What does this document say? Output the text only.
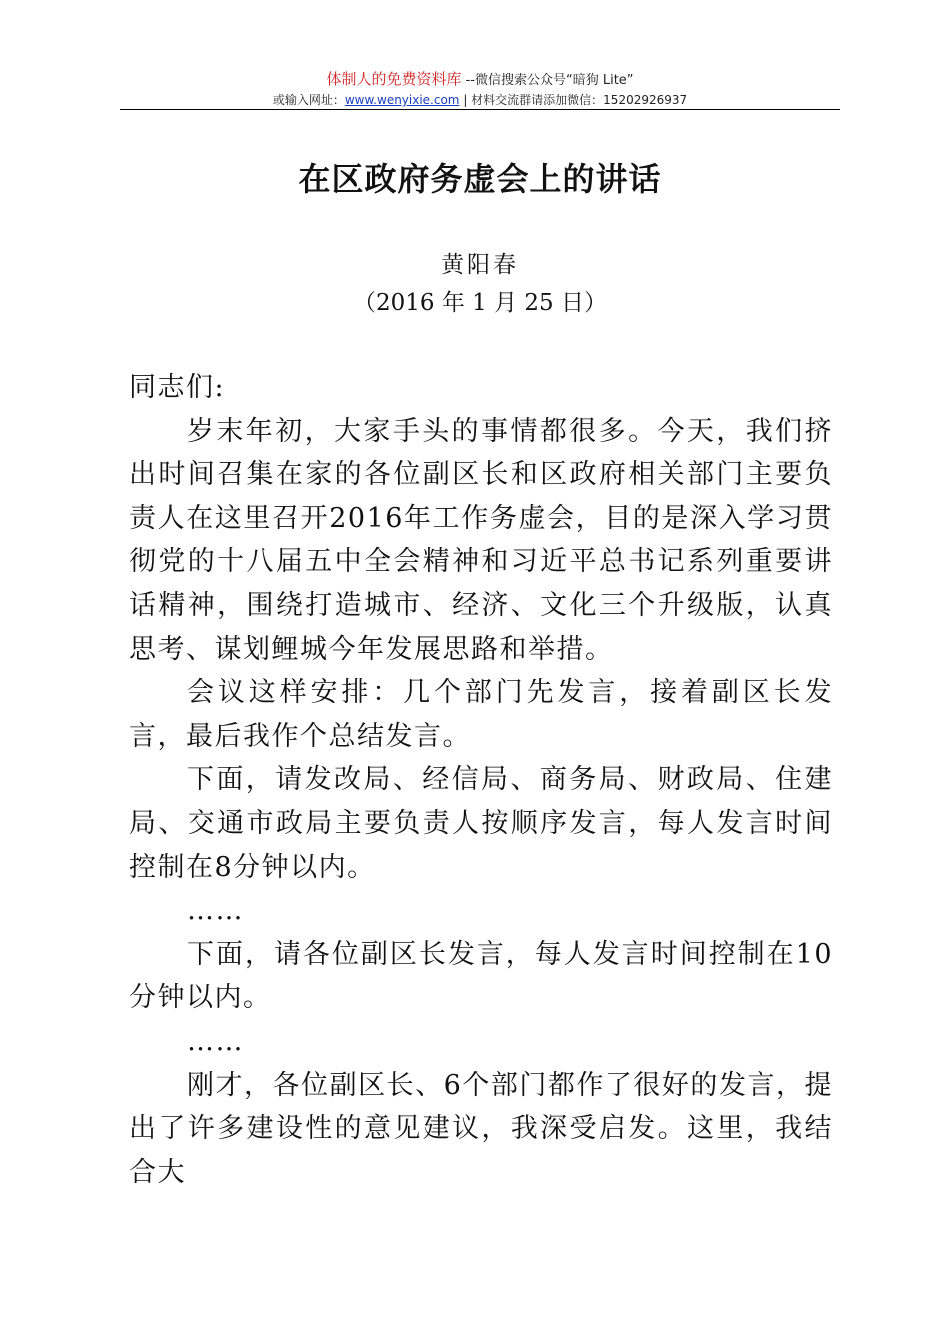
体制人的免费资料库 --微信搜索公众号“暗狗 Lite”
或输入网址：www.wenyixie.com | 材料交流群请添加微信：15202926937
在区政府务虚会上的讲话
黄阳春
（2016 年 1 月 25 日）

同志们:

岁末年初，大家手头的事情都很多。今天，我们挤出时间召集在家的各位副区长和区政府相关部门主要负责人在这里召开2016年工作务虚会，目的是深入学习贯彻党的十八届五中全会精神和习近平总书记系列重要讲话精神，围绕打造城市、经济、文化三个升级版，认真思考、谋划鲤城今年发展思路和举措。

会议这样安排：几个部门先发言，接着副区长发言，最后我作个总结发言。

下面，请发改局、经信局、商务局、财政局、住建局、交通市政局主要负责人按顺序发言，每人发言时间控制在8分钟以内。

……

下面，请各位副区长发言，每人发言时间控制在10分钟以内。

……

刚才，各位副区长、6个部门都作了很好的发言，提出了许多建设性的意见建议，我深受启发。这里，我结合大
